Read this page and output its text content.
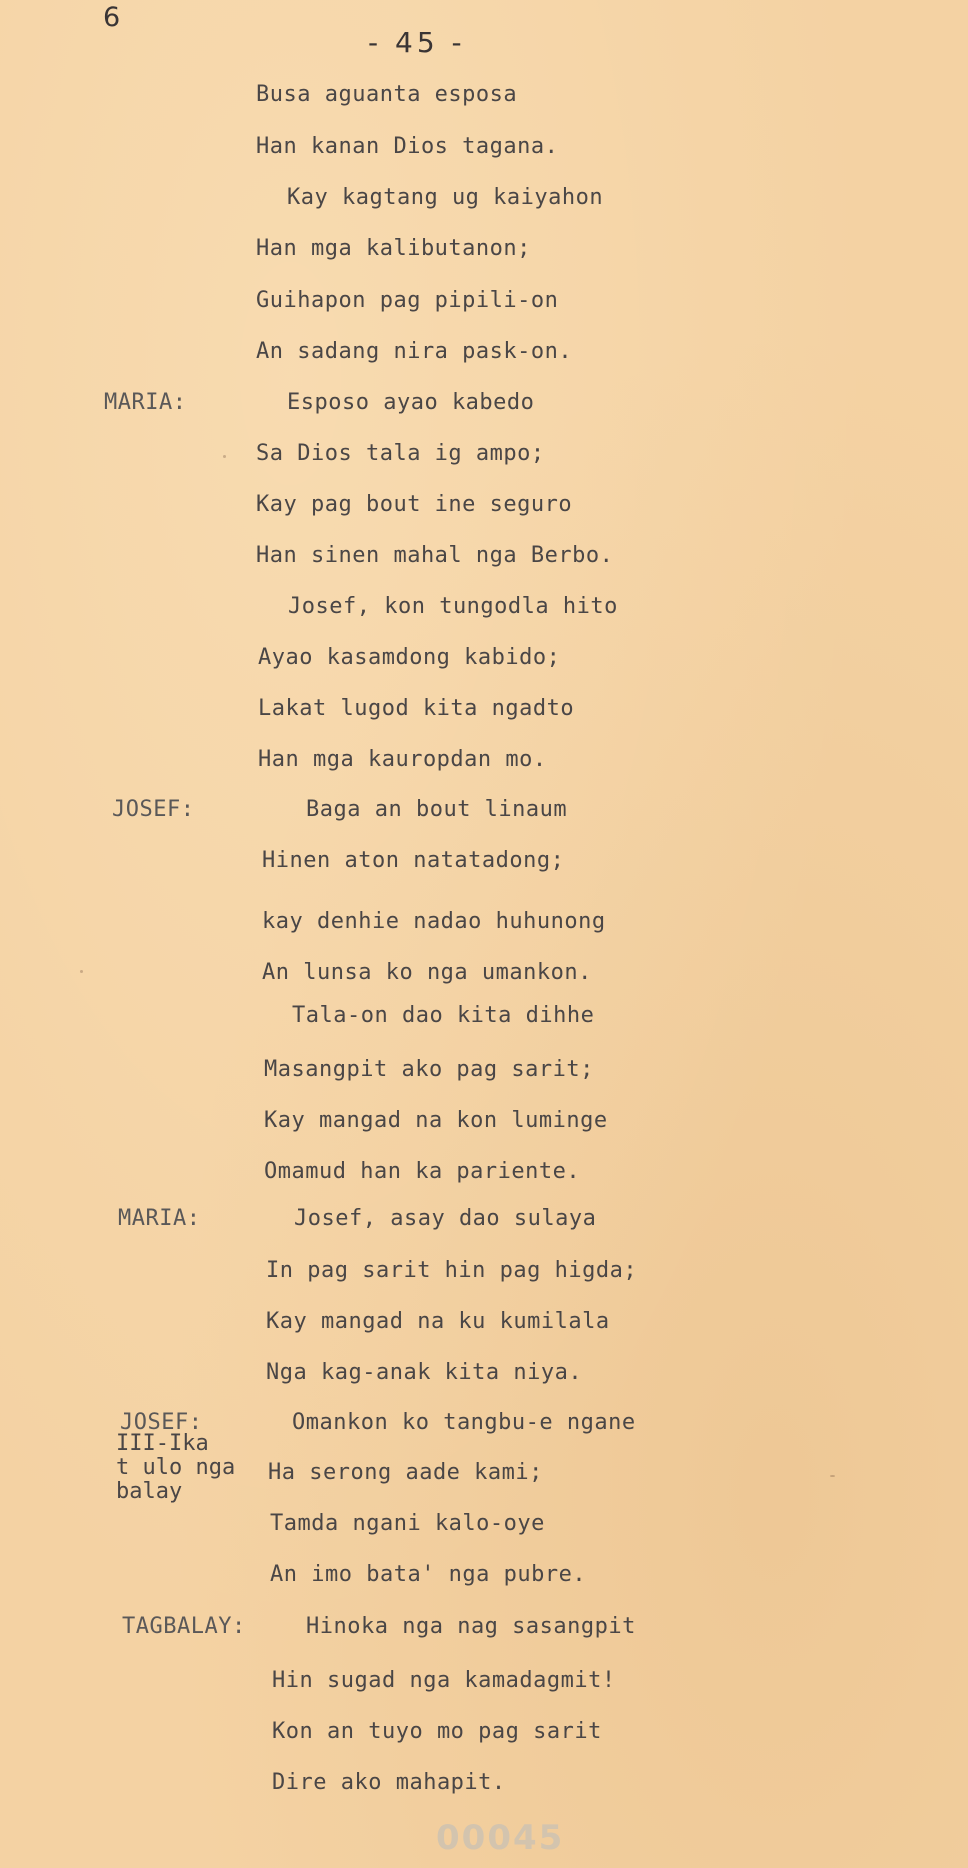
6
- 45 -
MARIA:
JOSEF:
MARIA:
JOSEF:
TAGBALAY:
III-Ika
t ulo nga
balay
Busa aguanta esposa
Han kanan Dios tagana.
Kay kagtang ug kaiyahon
Han mga kalibutanon;
Guihapon pag pipili-on
An sadang nira pask-on.
Esposo ayao kabedo
Sa Dios tala ig ampo;
Kay pag bout ine seguro
Han sinen mahal nga Berbo.
Josef, kon tungodla hito
Ayao kasamdong kabido;
Lakat lugod kita ngadto
Han mga kauropdan mo.
Baga an bout linaum
Hinen aton natatadong;
kay denhie nadao huhunong
An lunsa ko nga umankon.
Tala-on dao kita dihhe
Masangpit ako pag sarit;
Kay mangad na kon luminge
Omamud han ka pariente.
Josef, asay dao sulaya
In pag sarit hin pag higda;
Kay mangad na ku kumilala
Nga kag-anak kita niya.
Omankon ko tangbu-e ngane
Ha serong aade kami;
Tamda ngani kalo-oye
An imo bata' nga pubre.
Hinoka nga nag sasangpit
Hin sugad nga kamadagmit!
Kon an tuyo mo pag sarit
Dire ako mahapit.
00045
